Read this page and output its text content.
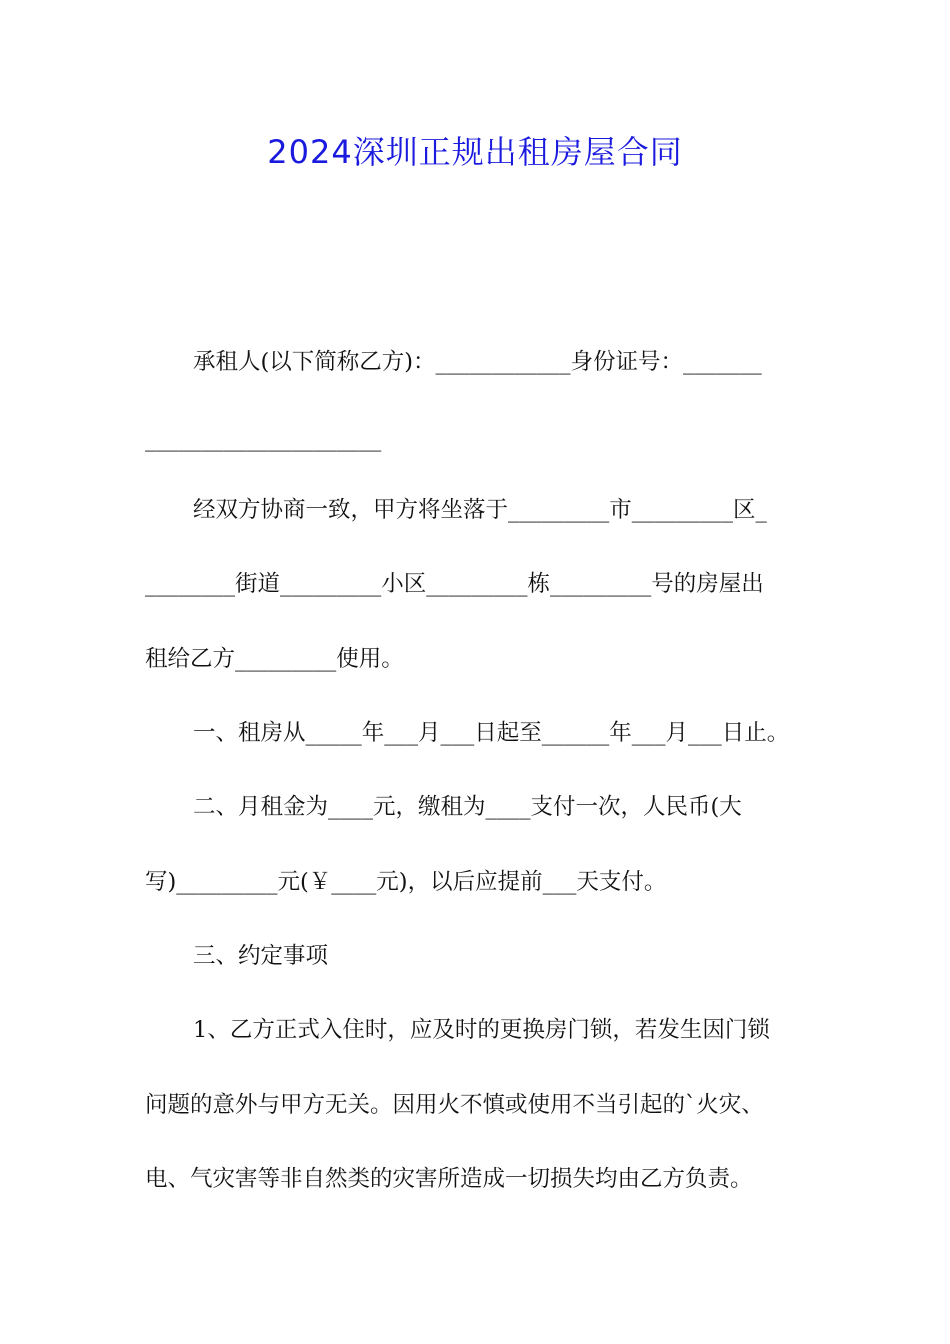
2024深圳正规出租房屋合同
承租人(以下简称乙方)：____________身份证号：_______
_____________________
经双方协商一致，甲方将坐落于_________市_________区_
________街道_________小区_________栋_________号的房屋出
租给乙方_________使用。
一、租房从_____年___月___日起至______年___月___日止。
二、月租金为____元，缴租为____支付一次，人民币(大
写)_________元(￥____元)，以后应提前___天支付。
三、约定事项
1、乙方正式入住时，应及时的更换房门锁，若发生因门锁
问题的意外与甲方无关。因用火不慎或使用不当引起的`火灾、
电、气灾害等非自然类的灾害所造成一切损失均由乙方负责。
